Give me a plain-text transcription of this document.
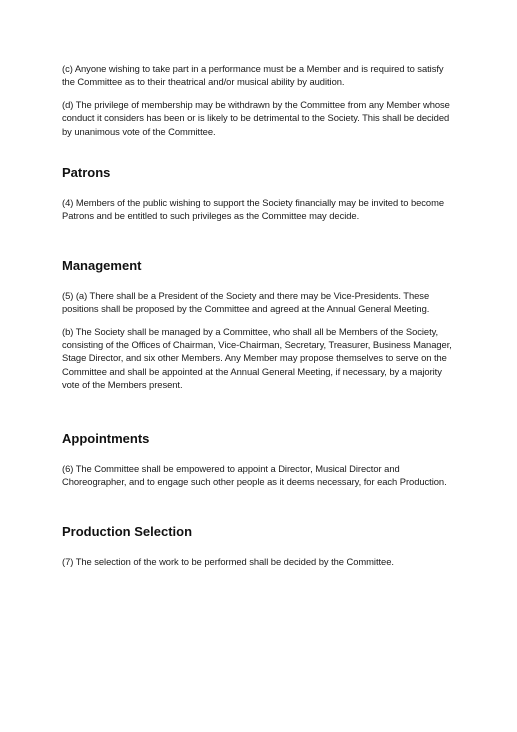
(c) Anyone wishing to take part in a performance must be a Member and is required to satisfy the Committee as to their theatrical and/or musical ability by audition.

(d) The privilege of membership may be withdrawn by the Committee from any Member whose conduct it considers has been or is likely to be detrimental to the Society. This shall be decided by unanimous vote of the Committee.

Patrons

(4) Members of the public wishing to support the Society financially may be invited to become Patrons and be entitled to such privileges as the Committee may decide.

Management

(5) (a) There shall be a President of the Society and there may be Vice-Presidents. These positions shall be proposed by the Committee and agreed at the Annual General Meeting.

(b) The Society shall be managed by a Committee, who shall all be Members of the Society, consisting of the Offices of Chairman, Vice-Chairman, Secretary, Treasurer, Business Manager, Stage Director, and six other Members. Any Member may propose themselves to serve on the Committee and shall be appointed at the Annual General Meeting, if necessary, by a majority vote of the Members present.

Appointments

(6) The Committee shall be empowered to appoint a Director, Musical Director and Choreographer, and to engage such other people as it deems necessary, for each Production.

Production Selection

(7) The selection of the work to be performed shall be decided by the Committee.
